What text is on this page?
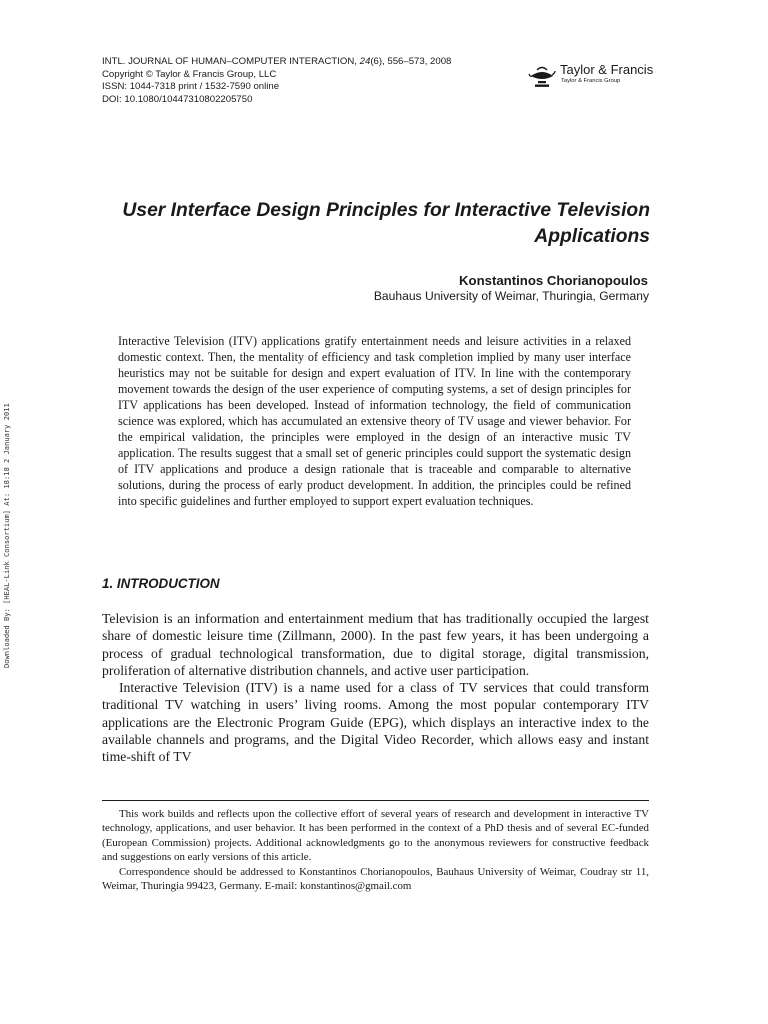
INTL. JOURNAL OF HUMAN–COMPUTER INTERACTION, 24(6), 556–573, 2008
Copyright © Taylor & Francis Group, LLC
ISSN: 1044-7318 print / 1532-7590 online
DOI: 10.1080/10447310802205750
Taylor & Francis
Taylor & Francis Group
Downloaded By: [HEAL-Link Consortium] At: 18:18 2 January 2011
User Interface Design Principles for Interactive Television Applications
Konstantinos Chorianopoulos
Bauhaus University of Weimar, Thuringia, Germany
Interactive Television (ITV) applications gratify entertainment needs and leisure activities in a relaxed domestic context. Then, the mentality of efficiency and task completion implied by many user interface heuristics may not be suitable for design and expert evaluation of ITV. In line with the contemporary movement towards the design of the user experience of computing systems, a set of design principles for ITV applications has been developed. Instead of information technology, the field of communication science was explored, which has accumulated an extensive theory of TV usage and viewer behavior. For the empirical validation, the principles were employed in the design of an interactive music TV application. The results suggest that a small set of generic principles could support the systematic design of ITV applications and produce a design rationale that is traceable and comparable to alternative solutions, during the process of early product development. In addition, the principles could be refined into specific guidelines and further employed to support expert evaluation techniques.
1. INTRODUCTION

Television is an information and entertainment medium that has traditionally occupied the largest share of domestic leisure time (Zillmann, 2000). In the past few years, it has been undergoing a process of gradual technological transformation, due to digital storage, digital transmission, proliferation of alternative distribution channels, and active user participation.

Interactive Television (ITV) is a name used for a class of TV services that could transform traditional TV watching in users’ living rooms. Among the most popular contemporary ITV applications are the Electronic Program Guide (EPG), which displays an interactive index to the available channels and programs, and the Digital Video Recorder, which allows easy and instant time-shift of TV

This work builds and reflects upon the collective effort of several years of research and development in interactive TV technology, applications, and user behavior. It has been performed in the context of a PhD thesis and of several EC-funded (European Commission) projects. Additional acknowledgments go to the anonymous reviewers for constructive feedback and suggestions on early versions of this article.

Correspondence should be addressed to Konstantinos Chorianopoulos, Bauhaus University of Weimar, Coudray str 11, Weimar, Thuringia 99423, Germany. E-mail: konstantinos@gmail.com
